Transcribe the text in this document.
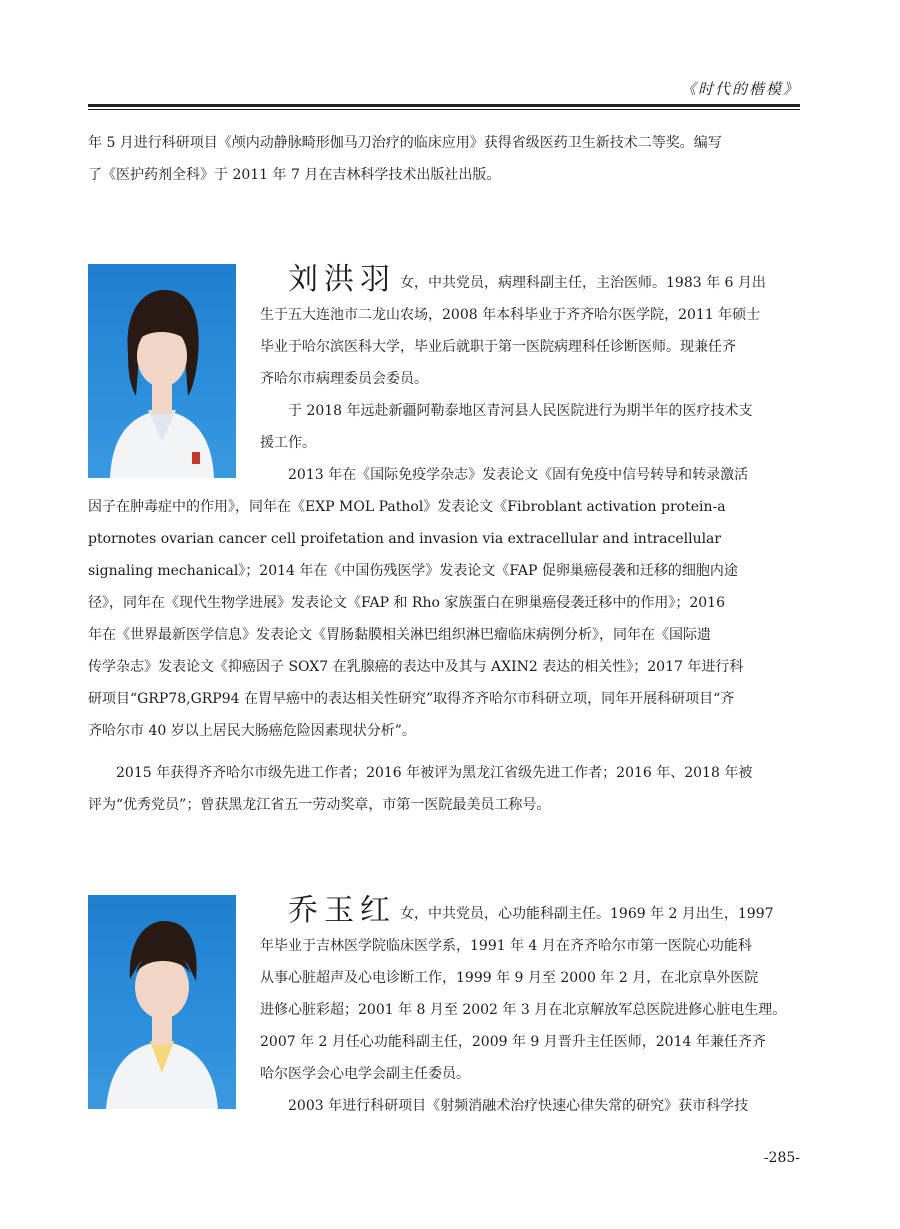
《时代的楷模》
年 5 月进行科研项目《颅内动静脉畸形伽马刀治疗的临床应用》获得省级医药卫生新技术二等奖。编写
了《医护药剂全科》于 2011 年 7 月在吉林科学技术出版社出版。
刘洪羽 女，中共党员，病理科副主任，主治医师。1983 年 6 月出
生于五大连池市二龙山农场，2008 年本科毕业于齐齐哈尔医学院，2011 年硕士
毕业于哈尔滨医科大学，毕业后就职于第一医院病理科任诊断医师。现兼任齐
齐哈尔市病理委员会委员。
　　于 2018 年远赴新疆阿勒泰地区青河县人民医院进行为期半年的医疗技术支
援工作。
　　2013 年在《国际免疫学杂志》发表论文《固有免疫中信号转导和转录激活
因子在肿毒症中的作用》，同年在《EXP MOL Pathol》发表论文《Fibroblant activation protein-a
ptornotes ovarian cancer cell proifetation and invasion via extracellular and intracellular
signaling mechanical》；2014 年在《中国伤残医学》发表论文《FAP 促卵巢癌侵袭和迁移的细胞内途
径》，同年在《现代生物学进展》发表论文《FAP 和 Rho 家族蛋白在卵巢癌侵袭迁移中的作用》；2016
年在《世界最新医学信息》发表论文《胃肠黏膜相关淋巴组织淋巴瘤临床病例分析》，同年在《国际遗
传学杂志》发表论文《抑癌因子 SOX7 在乳腺癌的表达中及其与 AXIN2 表达的相关性》；2017 年进行科
研项目“GRP78,GRP94 在胃早癌中的表达相关性研究”取得齐齐哈尔市科研立项，同年开展科研项目“齐
齐哈尔市 40 岁以上居民大肠癌危险因素现状分析”。
　　2015 年获得齐齐哈尔市级先进工作者；2016 年被评为黑龙江省级先进工作者；2016 年、2018 年被
评为“优秀党员”；曾获黑龙江省五一劳动奖章，市第一医院最美员工称号。
乔玉红 女，中共党员，心功能科副主任。1969 年 2 月出生，1997
年毕业于吉林医学院临床医学系，1991 年 4 月在齐齐哈尔市第一医院心功能科
从事心脏超声及心电诊断工作，1999 年 9 月至 2000 年 2 月，在北京阜外医院
进修心脏彩超；2001 年 8 月至 2002 年 3 月在北京解放军总医院进修心脏电生理。
2007 年 2 月任心功能科副主任，2009 年 9 月晋升主任医师，2014 年兼任齐齐
哈尔医学会心电学会副主任委员。
　　2003 年进行科研项目《射频消融术治疗快速心律失常的研究》获市科学技
-285-
